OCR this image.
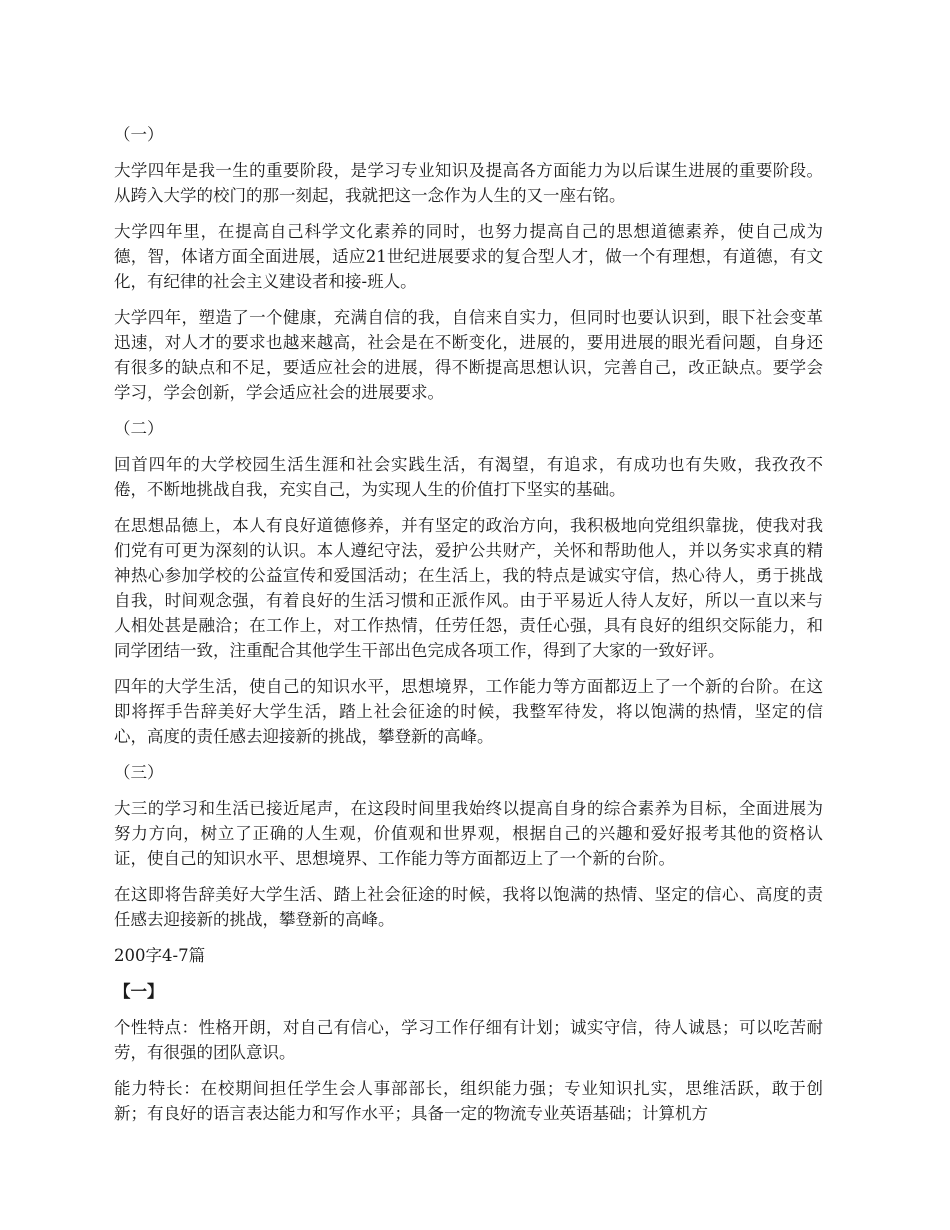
（一）

大学四年是我一生的重要阶段，是学习专业知识及提高各方面能力为以后谋生进展的重要阶段。从跨入大学的校门的那一刻起，我就把这一念作为人生的又一座右铭。

大学四年里，在提高自己科学文化素养的同时，也努力提高自己的思想道德素养，使自己成为德，智，体诸方面全面进展，适应21世纪进展要求的复合型人才，做一个有理想，有道德，有文化，有纪律的社会主义建设者和接-班人。

大学四年，塑造了一个健康，充满自信的我，自信来自实力，但同时也要认识到，眼下社会变革迅速，对人才的要求也越来越高，社会是在不断变化，进展的，要用进展的眼光看问题，自身还有很多的缺点和不足，要适应社会的进展，得不断提高思想认识，完善自己，改正缺点。要学会学习，学会创新，学会适应社会的进展要求。

（二）

回首四年的大学校园生活生涯和社会实践生活，有渴望，有追求，有成功也有失败，我孜孜不倦，不断地挑战自我，充实自己，为实现人生的价值打下坚实的基础。

在思想品德上，本人有良好道德修养，并有坚定的政治方向，我积极地向党组织靠拢，使我对我们党有可更为深刻的认识。本人遵纪守法，爱护公共财产，关怀和帮助他人，并以务实求真的精神热心参加学校的公益宣传和爱国活动；在生活上，我的特点是诚实守信，热心待人，勇于挑战自我，时间观念强，有着良好的生活习惯和正派作风。由于平易近人待人友好，所以一直以来与人相处甚是融洽；在工作上，对工作热情，任劳任怨，责任心强，具有良好的组织交际能力，和同学团结一致，注重配合其他学生干部出色完成各项工作，得到了大家的一致好评。

四年的大学生活，使自己的知识水平，思想境界，工作能力等方面都迈上了一个新的台阶。在这即将挥手告辞美好大学生活，踏上社会征途的时候，我整军待发，将以饱满的热情，坚定的信心，高度的责任感去迎接新的挑战，攀登新的高峰。

（三）

大三的学习和生活已接近尾声，在这段时间里我始终以提高自身的综合素养为目标，全面进展为努力方向，树立了正确的人生观，价值观和世界观，根据自己的兴趣和爱好报考其他的资格认证，使自己的知识水平、思想境界、工作能力等方面都迈上了一个新的台阶。

在这即将告辞美好大学生活、踏上社会征途的时候，我将以饱满的热情、坚定的信心、高度的责任感去迎接新的挑战，攀登新的高峰。

200字4-7篇
【一】

个性特点：性格开朗，对自己有信心，学习工作仔细有计划；诚实守信，待人诚恳；可以吃苦耐劳，有很强的团队意识。

能力特长：在校期间担任学生会人事部部长，组织能力强；专业知识扎实，思维活跃，敢于创新；有良好的语言表达能力和写作水平；具备一定的物流专业英语基础；计算机方
